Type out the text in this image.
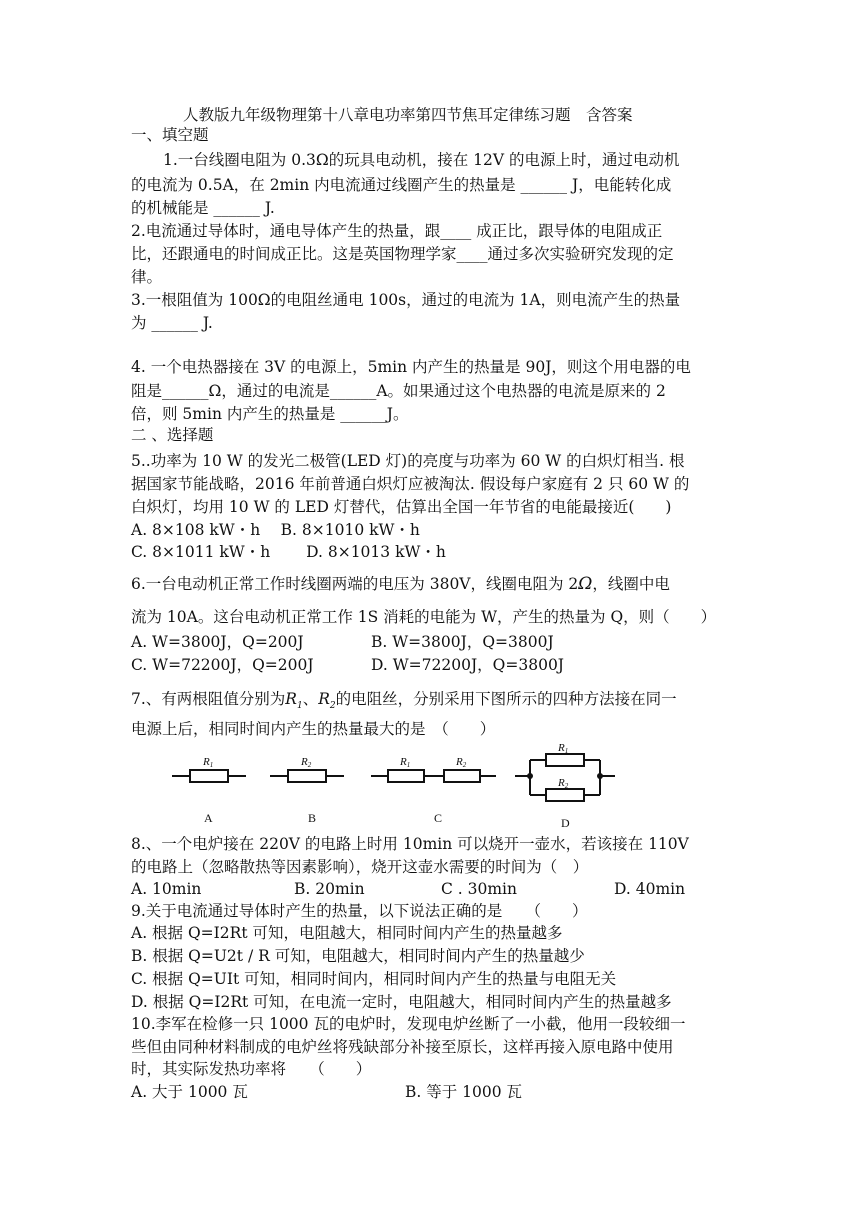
人教版九年级物理第十八章电功率第四节焦耳定律练习题　含答案
一、填空题
1.一台线圈电阻为 0.3Ω的玩具电动机，接在 12V 的电源上时，通过电动机
的电流为 0.5A，在 2min 内电流通过线圈产生的热量是 ______ J，电能转化成
的机械能是 ______ J.
2.电流通过导体时，通电导体产生的热量，跟____ 成正比，跟导体的电阻成正
比，还跟通电的时间成正比。这是英国物理学家____通过多次实验研究发现的定
律。
3.一根阻值为 100Ω的电阻丝通电 100s，通过的电流为 1A，则电流产生的热量
为 ______ J.
4. 一个电热器接在 3V 的电源上，5min 内产生的热量是 90J，则这个用电器的电
阻是______Ω，通过的电流是______A。如果通过这个电热器的电流是原来的 2
倍，则 5min 内产生的热量是 ______J。
二 、选择题
5..功率为 10 W 的发光二极管(LED 灯)的亮度与功率为 60 W 的白炽灯相当. 根
据国家节能战略，2016 年前普通白炽灯应被淘汰. 假设每户家庭有 2 只 60 W 的
白炽灯，均用 10 W 的 LED 灯替代，估算出全国一年节省的电能最接近(　　)
A. 8×108 kW・h　 B. 8×1010 kW・h
C. 8×1011 kW・h　　 D. 8×1013 kW・h
6.一台电动机正常工作时线圈两端的电压为 380V，线圈电阻为 2Ω，线圈中电
流为 10A。这台电动机正常工作 1S 消耗的电能为 W，产生的热量为 Q，则（　　）
A. W=3800J，Q=200J	B. W=3800J，Q=3800J
C. W=72200J，Q=200J	D. W=72200J，Q=3800J
7.、有两根阻值分别为$R_1$、$R_2$的电阻丝，分别采用下图所示的四种方法接在同一
电源上后，相同时间内产生的热量最大的是　（　　）
R1	R2	R1	R2
R1
R2
A	B	C	D
8.、一个电炉接在 220V 的电路上时用 10min 可以烧开一壶水，若该接在 110V
的电路上（忽略散热等因素影响），烧开这壶水需要的时间为（　）
A. 10min	B. 20min	C . 30min	D. 40min
9.关于电流通过导体时产生的热量，以下说法正确的是　　（　　）
A. 根据 Q=I2Rt 可知，电阻越大，相同时间内产生的热量越多
B. 根据 Q=U2t / R 可知，电阻越大，相同时间内产生的热量越少
C. 根据 Q=UIt 可知，相同时间内，相同时间内产生的热量与电阻无关
D. 根据 Q=I2Rt 可知，在电流一定时，电阻越大，相同时间内产生的热量越多
10.李军在检修一只 1000 瓦的电炉时，发现电炉丝断了一小截，他用一段较细一
些但由同种材料制成的电炉丝将残缺部分补接至原长，这样再接入原电路中使用
时，其实际发热功率将　　（　　）
A. 大于 1000 瓦	B. 等于 1000 瓦
